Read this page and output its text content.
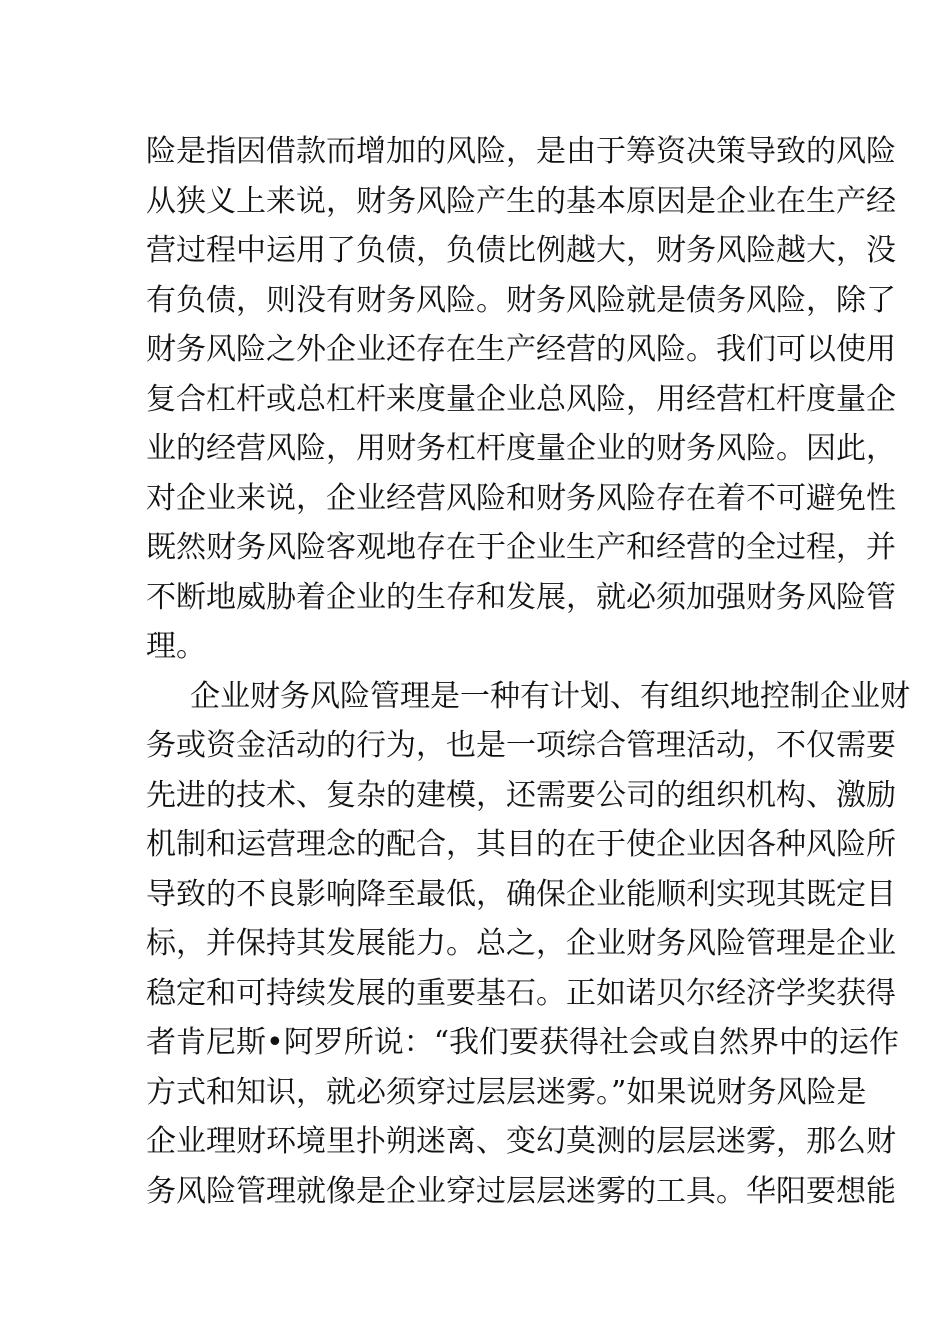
险是指因借款而增加的风险，是由于筹资决策导致的风险
从狭义上来说，财务风险产生的基本原因是企业在生产经
营过程中运用了负债，负债比例越大，财务风险越大，没
有负债，则没有财务风险。财务风险就是债务风险，除了
财务风险之外企业还存在生产经营的风险。我们可以使用
复合杠杆或总杠杆来度量企业总风险，用经营杠杆度量企
业的经营风险，用财务杠杆度量企业的财务风险。因此，
对企业来说，企业经营风险和财务风险存在着不可避免性
既然财务风险客观地存在于企业生产和经营的全过程，并
不断地威胁着企业的生存和发展，就必须加强财务风险管
理。
企业财务风险管理是一种有计划、有组织地控制企业财
务或资金活动的行为，也是一项综合管理活动，不仅需要
先进的技术、复杂的建模，还需要公司的组织机构、激励
机制和运营理念的配合，其目的在于使企业因各种风险所
导致的不良影响降至最低，确保企业能顺利实现其既定目
标，并保持其发展能力。总之，企业财务风险管理是企业
稳定和可持续发展的重要基石。正如诺贝尔经济学奖获得
者肯尼斯•阿罗所说：“我们要获得社会或自然界中的运作
方式和知识，就必须穿过层层迷雾。”如果说财务风险是
企业理财环境里扑朔迷离、变幻莫测的层层迷雾，那么财
务风险管理就像是企业穿过层层迷雾的工具。华阳要想能
